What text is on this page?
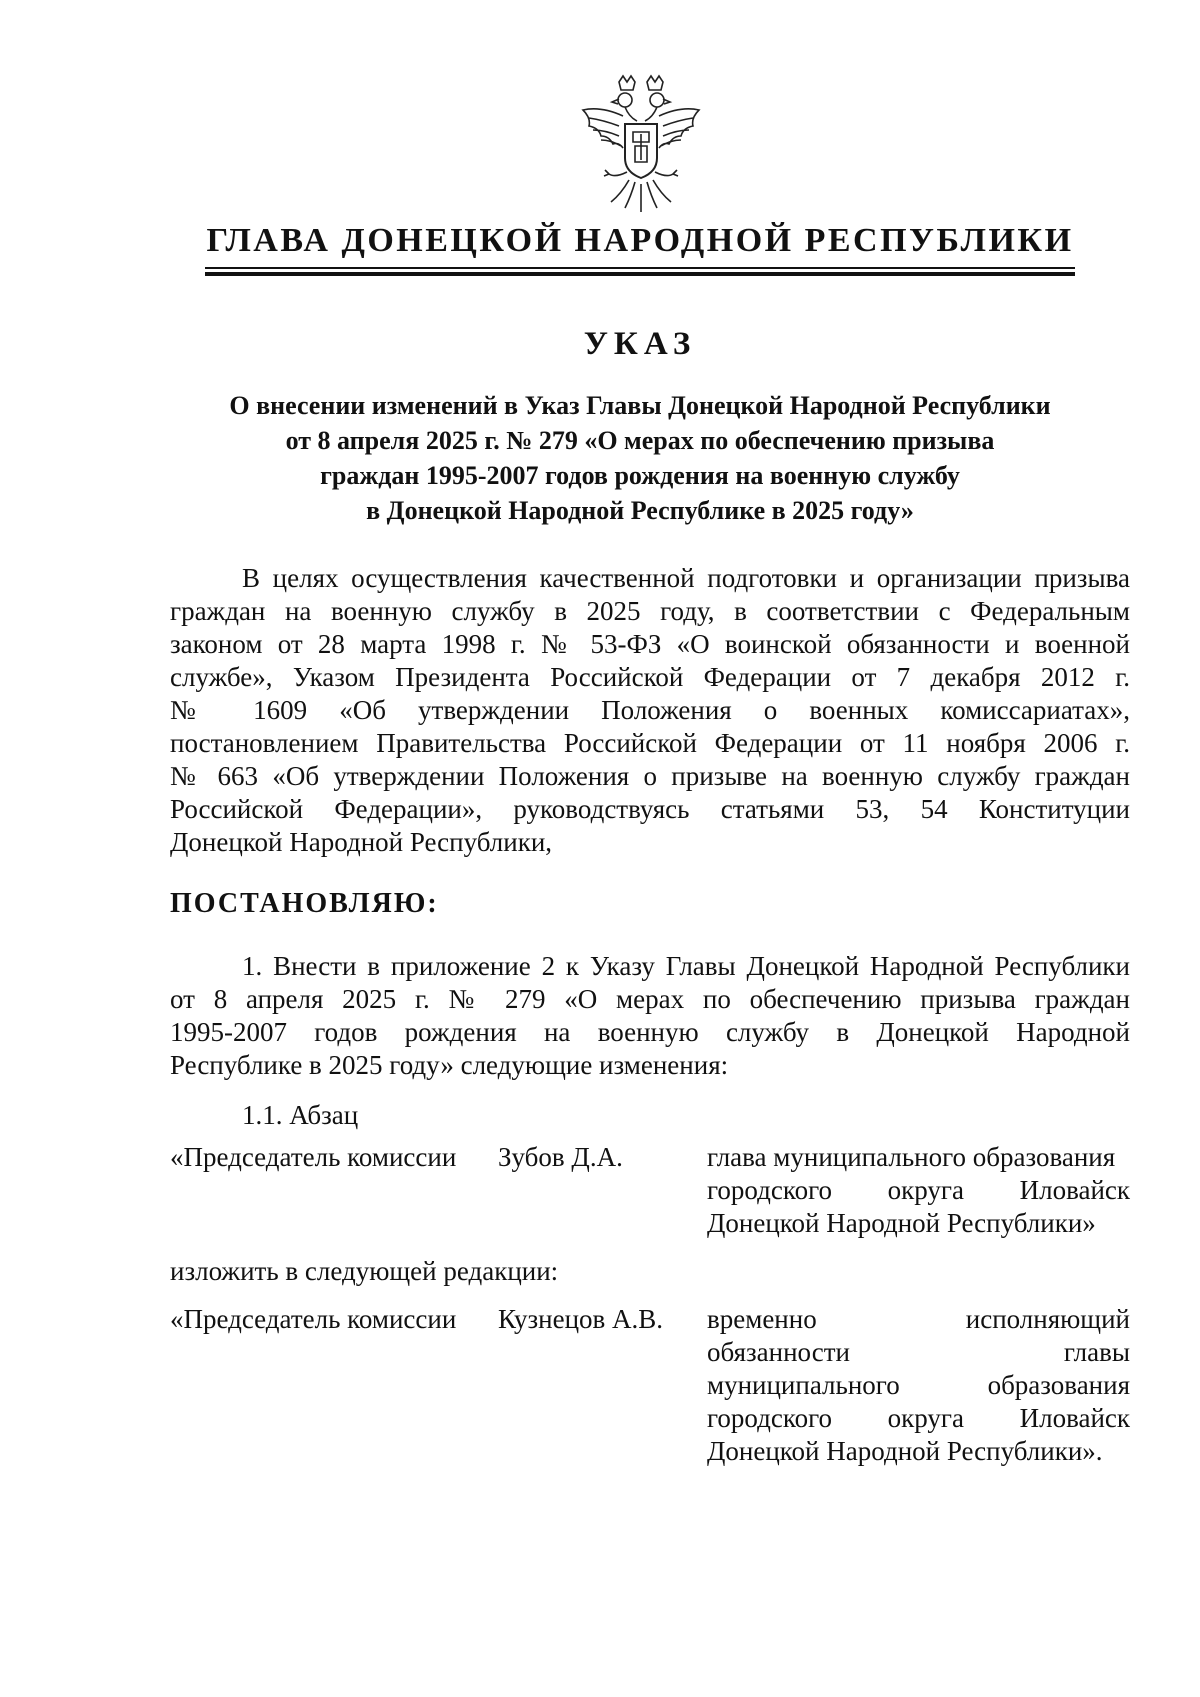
ГЛАВА ДОНЕЦКОЙ НАРОДНОЙ РЕСПУБЛИКИ
УКАЗ
О внесении изменений в Указ Главы Донецкой Народной Республики
от 8 апреля 2025 г. № 279 «О мерах по обеспечению призыва
граждан 1995-2007 годов рождения на военную службу
в Донецкой Народной Республике в 2025 году»
В целях осуществления качественной подготовки и организации призыва
граждан на военную службу в 2025 году, в соответствии с Федеральным
законом от 28 марта 1998 г. № 53-ФЗ «О воинской обязанности и военной
службе», Указом Президента Российской Федерации от 7 декабря 2012 г.
№ 1609 «Об утверждении Положения о военных комиссариатах»,
постановлением Правительства Российской Федерации от 11 ноября 2006 г.
№ 663 «Об утверждении Положения о призыве на военную службу граждан
Российской Федерации», руководствуясь статьями 53, 54 Конституции
Донецкой Народной Республики,
ПОСТАНОВЛЯЮ:
1. Внести в приложение 2 к Указу Главы Донецкой Народной Республики
от 8 апреля 2025 г. № 279 «О мерах по обеспечению призыва граждан
1995-2007 годов рождения на военную службу в Донецкой Народной
Республике в 2025 году» следующие изменения:
1.1. Абзац
«Председатель комиссии Зубов Д.А.	глава муниципального образования
городского округа Иловайск
Донецкой Народной Республики»
изложить в следующей редакции:
«Председатель комиссии Кузнецов А.В. временно исполняющий
обязанности главы
муниципального образования
городского округа Иловайск
Донецкой Народной Республики».
